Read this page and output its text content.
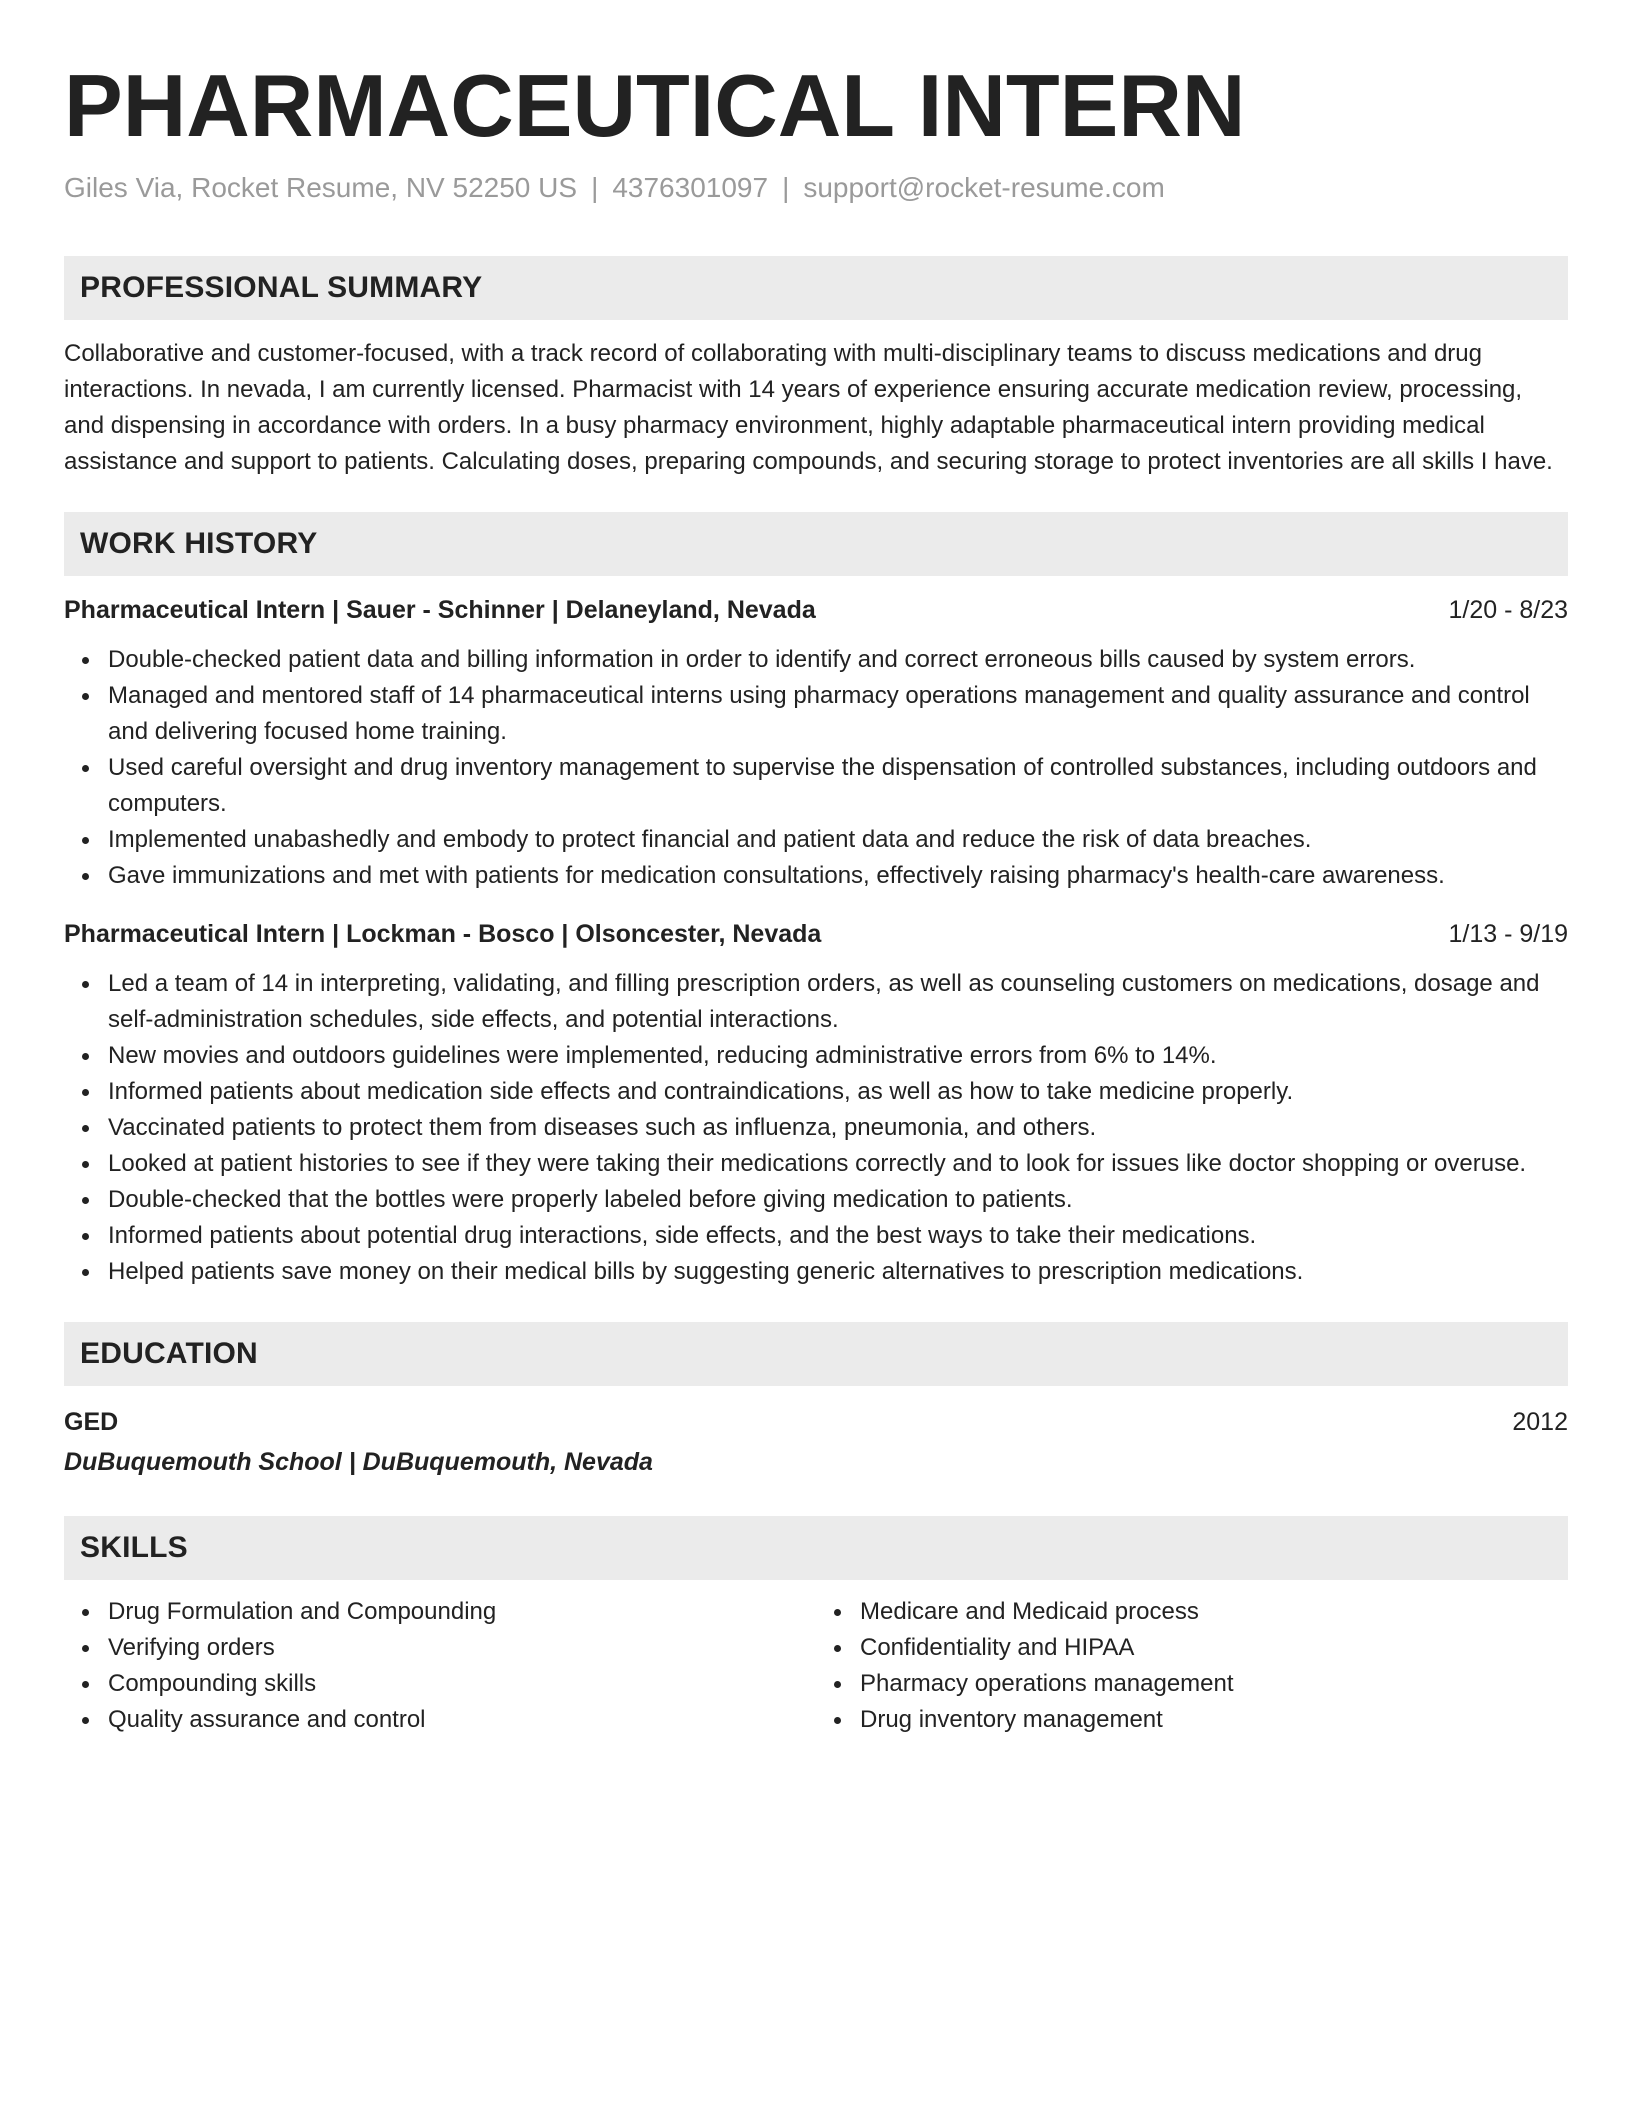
PHARMACEUTICAL INTERN
Giles Via, Rocket Resume, NV 52250 US | 4376301097 | support@rocket-resume.com
PROFESSIONAL SUMMARY
Collaborative and customer-focused, with a track record of collaborating with multi-disciplinary teams to discuss medications and drug interactions. In nevada, I am currently licensed. Pharmacist with 14 years of experience ensuring accurate medication review, processing, and dispensing in accordance with orders. In a busy pharmacy environment, highly adaptable pharmaceutical intern providing medical assistance and support to patients. Calculating doses, preparing compounds, and securing storage to protect inventories are all skills I have.
WORK HISTORY
Pharmaceutical Intern | Sauer - Schinner | Delaneyland, Nevada	1/20 - 8/23
Double-checked patient data and billing information in order to identify and correct erroneous bills caused by system errors.
Managed and mentored staff of 14 pharmaceutical interns using pharmacy operations management and quality assurance and control and delivering focused home training.
Used careful oversight and drug inventory management to supervise the dispensation of controlled substances, including outdoors and computers.
Implemented unabashedly and embody to protect financial and patient data and reduce the risk of data breaches.
Gave immunizations and met with patients for medication consultations, effectively raising pharmacy's health-care awareness.
Pharmaceutical Intern | Lockman - Bosco | Olsoncester, Nevada	1/13 - 9/19
Led a team of 14 in interpreting, validating, and filling prescription orders, as well as counseling customers on medications, dosage and self-administration schedules, side effects, and potential interactions.
New movies and outdoors guidelines were implemented, reducing administrative errors from 6% to 14%.
Informed patients about medication side effects and contraindications, as well as how to take medicine properly.
Vaccinated patients to protect them from diseases such as influenza, pneumonia, and others.
Looked at patient histories to see if they were taking their medications correctly and to look for issues like doctor shopping or overuse.
Double-checked that the bottles were properly labeled before giving medication to patients.
Informed patients about potential drug interactions, side effects, and the best ways to take their medications.
Helped patients save money on their medical bills by suggesting generic alternatives to prescription medications.
EDUCATION
GED	2012
DuBuquemouth School | DuBuquemouth, Nevada
SKILLS
Drug Formulation and Compounding
Verifying orders
Compounding skills
Quality assurance and control
Medicare and Medicaid process
Confidentiality and HIPAA
Pharmacy operations management
Drug inventory management
